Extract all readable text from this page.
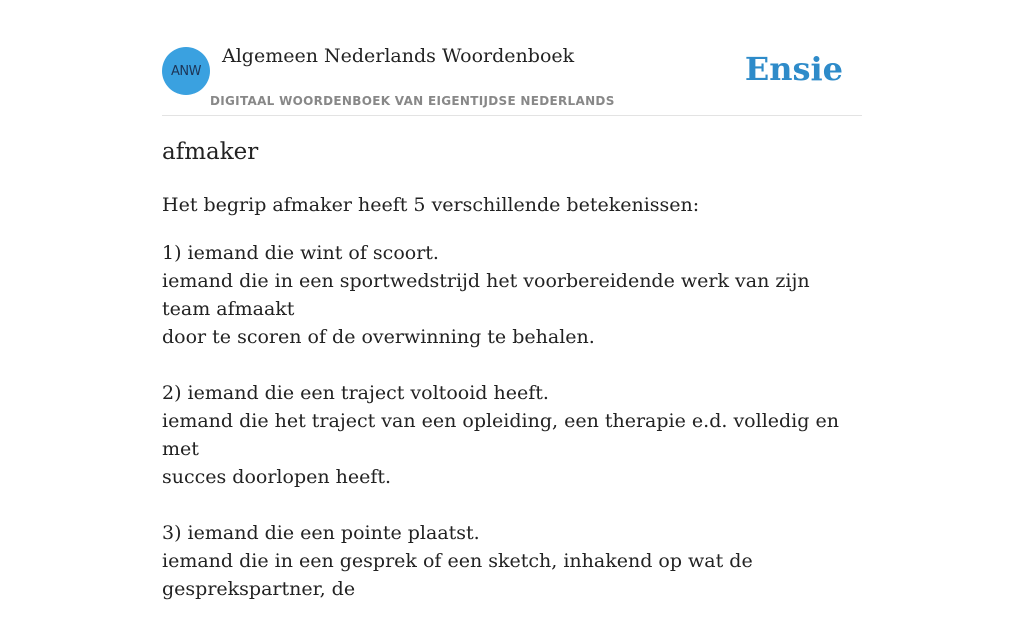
ANW
Algemeen Nederlands Woordenboek
DIGITAAL WOORDENBOEK VAN EIGENTIJDSE NEDERLANDS
Ensie
afmaker

Het begrip afmaker heeft 5 verschillende betekenissen:

1) iemand die wint of scoort.
iemand die in een sportwedstrijd het voorbereidende werk van zijn team afmaakt
door te scoren of de overwinning te behalen.
2) iemand die een traject voltooid heeft.
iemand die het traject van een opleiding, een therapie e.d. volledig en met
succes doorlopen heeft.
3) iemand die een pointe plaatst.
iemand die in een gesprek of een sketch, inhakend op wat de gesprekspartner, de
